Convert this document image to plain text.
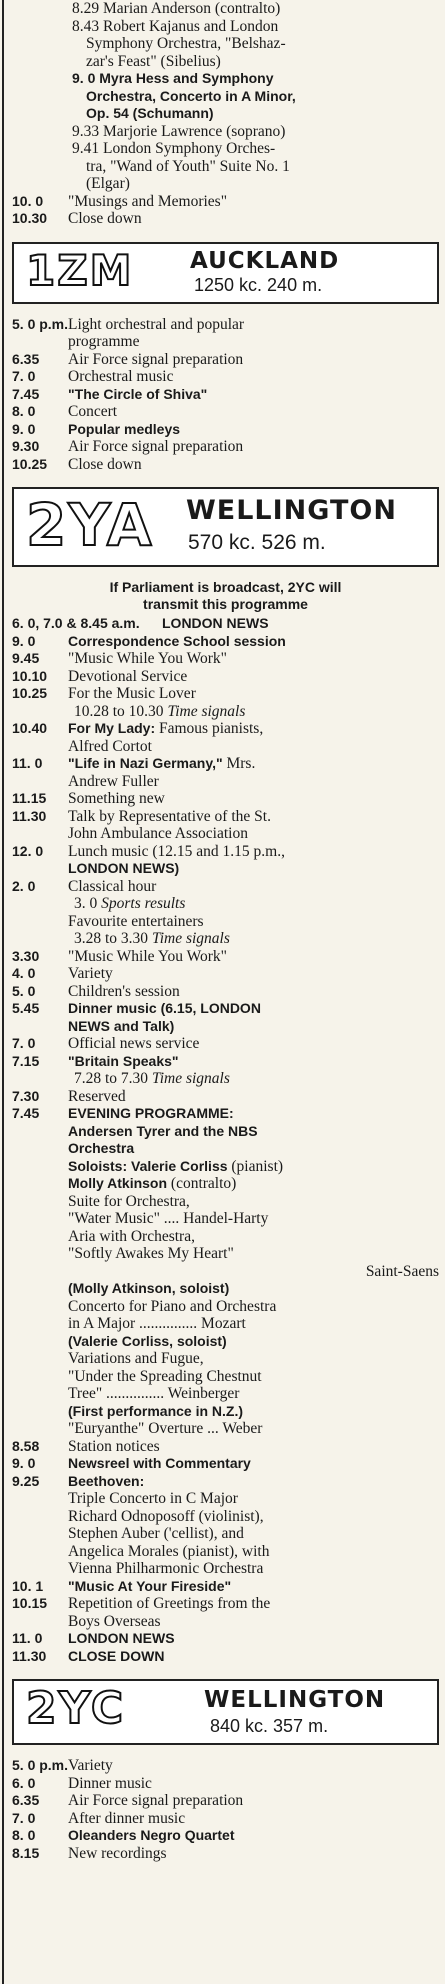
8.29 Marian Anderson (contralto)
8.43 Robert Kajanus and London
Symphony Orchestra, "Belshaz-
zar's Feast" (Sibelius)
9. 0 Myra Hess and Symphony
Orchestra, Concerto in A Minor,
Op. 54 (Schumann)
9.33 Marjorie Lawrence (soprano)
9.41 London Symphony Orches-
tra, "Wand of Youth" Suite No. 1
(Elgar)
10. 0	"Musings and Memories"
10.30	Close down
1ZM AUCKLAND
1250 kc. 240 m.
5. 0 p.m. Light orchestral and popular
programme
6.35	Air Force signal preparation
7. 0	Orchestral music
7.45	"The Circle of Shiva"
8. 0	Concert
9. 0	Popular medleys
9.30	Air Force signal preparation
10.25	Close down
2YA WELLINGTON
570 kc. 526 m.
If Parliament is broadcast, 2YC will
transmit this programme
6. 0, 7.0 & 8.45 a.m.	LONDON NEWS
9. 0	Correspondence School session
9.45	"Music While You Work"
10.10	Devotional Service
10.25	For the Music Lover
10.28 to 10.30 Time signals
10.40	For My Lady: Famous pianists,
Alfred Cortot
11. 0	"Life in Nazi Germany," Mrs.
Andrew Fuller
11.15	Something new
11.30	Talk by Representative of the St.
John Ambulance Association
12. 0	Lunch music (12.15 and 1.15 p.m.,
LONDON NEWS)
2. 0	Classical hour
3. 0 Sports results
Favourite entertainers
3.28 to 3.30 Time signals
3.30	"Music While You Work"
4. 0	Variety
5. 0	Children's session
5.45	Dinner music (6.15, LONDON
NEWS and Talk)
7. 0	Official news service
7.15	"Britain Speaks"
7.28 to 7.30 Time signals
7.30	Reserved
7.45	EVENING PROGRAMME:
Andersen Tyrer and the NBS
Orchestra
Soloists: Valerie Corliss (pianist)
Molly Atkinson (contralto)
Suite for Orchestra,
"Water Music" .... Handel-Harty
Aria with Orchestra,
"Softly Awakes My Heart"
Saint-Saens
(Molly Atkinson, soloist)
Concerto for Piano and Orchestra
in A Major ............... Mozart
(Valerie Corliss, soloist)
Variations and Fugue,
"Under the Spreading Chestnut
Tree" ............... Weinberger
(First performance in N.Z.)
"Euryanthe" Overture ... Weber
8.58	Station notices
9. 0	Newsreel with Commentary
9.25	Beethoven:
Triple Concerto in C Major
Richard Odnoposoff (violinist),
Stephen Auber ('cellist), and
Angelica Morales (pianist), with
Vienna Philharmonic Orchestra
10. 1	"Music At Your Fireside"
10.15	Repetition of Greetings from the
Boys Overseas
11. 0	LONDON NEWS
11.30	CLOSE DOWN
2YC	WELLINGTON
840 kc. 357 m.
5. 0 p.m. Variety
6. 0	Dinner music
6.35	Air Force signal preparation
7. 0	After dinner music
8. 0	Oleanders Negro Quartet
8.15	New recordings
